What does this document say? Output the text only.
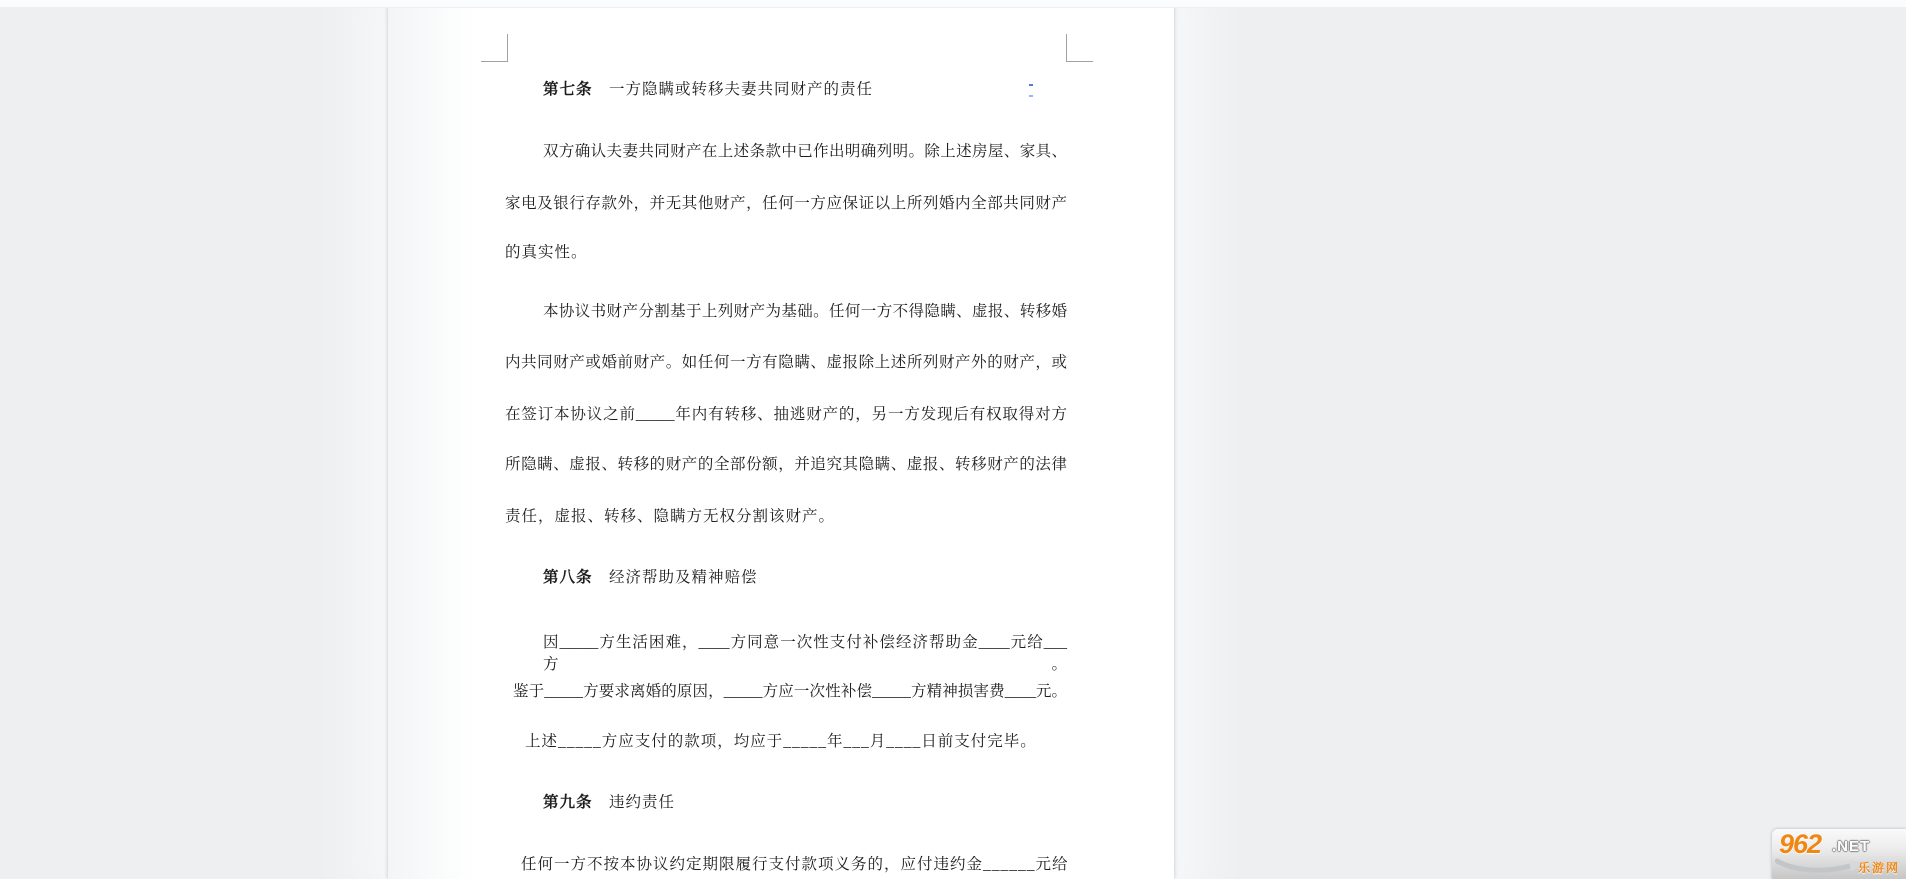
第七条　一方隐瞒或转移夫妻共同财产的责任
双方确认夫妻共同财产在上述条款中已作出明确列明。除上述房屋、家具、
家电及银行存款外，并无其他财产，任何一方应保证以上所列婚内全部共同财产
的真实性。
本协议书财产分割基于上列财产为基础。任何一方不得隐瞒、虚报、转移婚
内共同财产或婚前财产。如任何一方有隐瞒、虚报除上述所列财产外的财产，或
在签订本协议之前_____年内有转移、抽逃财产的，另一方发现后有权取得对方
所隐瞒、虚报、转移的财产的全部份额，并追究其隐瞒、虚报、转移财产的法律
责任，虚报、转移、隐瞒方无权分割该财产。
第八条　经济帮助及精神赔偿
因_____方生活困难，____方同意一次性支付补偿经济帮助金____元给___方。
鉴于_____方要求离婚的原因，_____方应一次性补偿_____方精神损害费____元。
上述_____方应支付的款项，均应于_____年___月____日前支付完毕。
第九条　违约责任
任何一方不按本协议约定期限履行支付款项义务的，应付违约金______元给
962 .NET
乐游网
